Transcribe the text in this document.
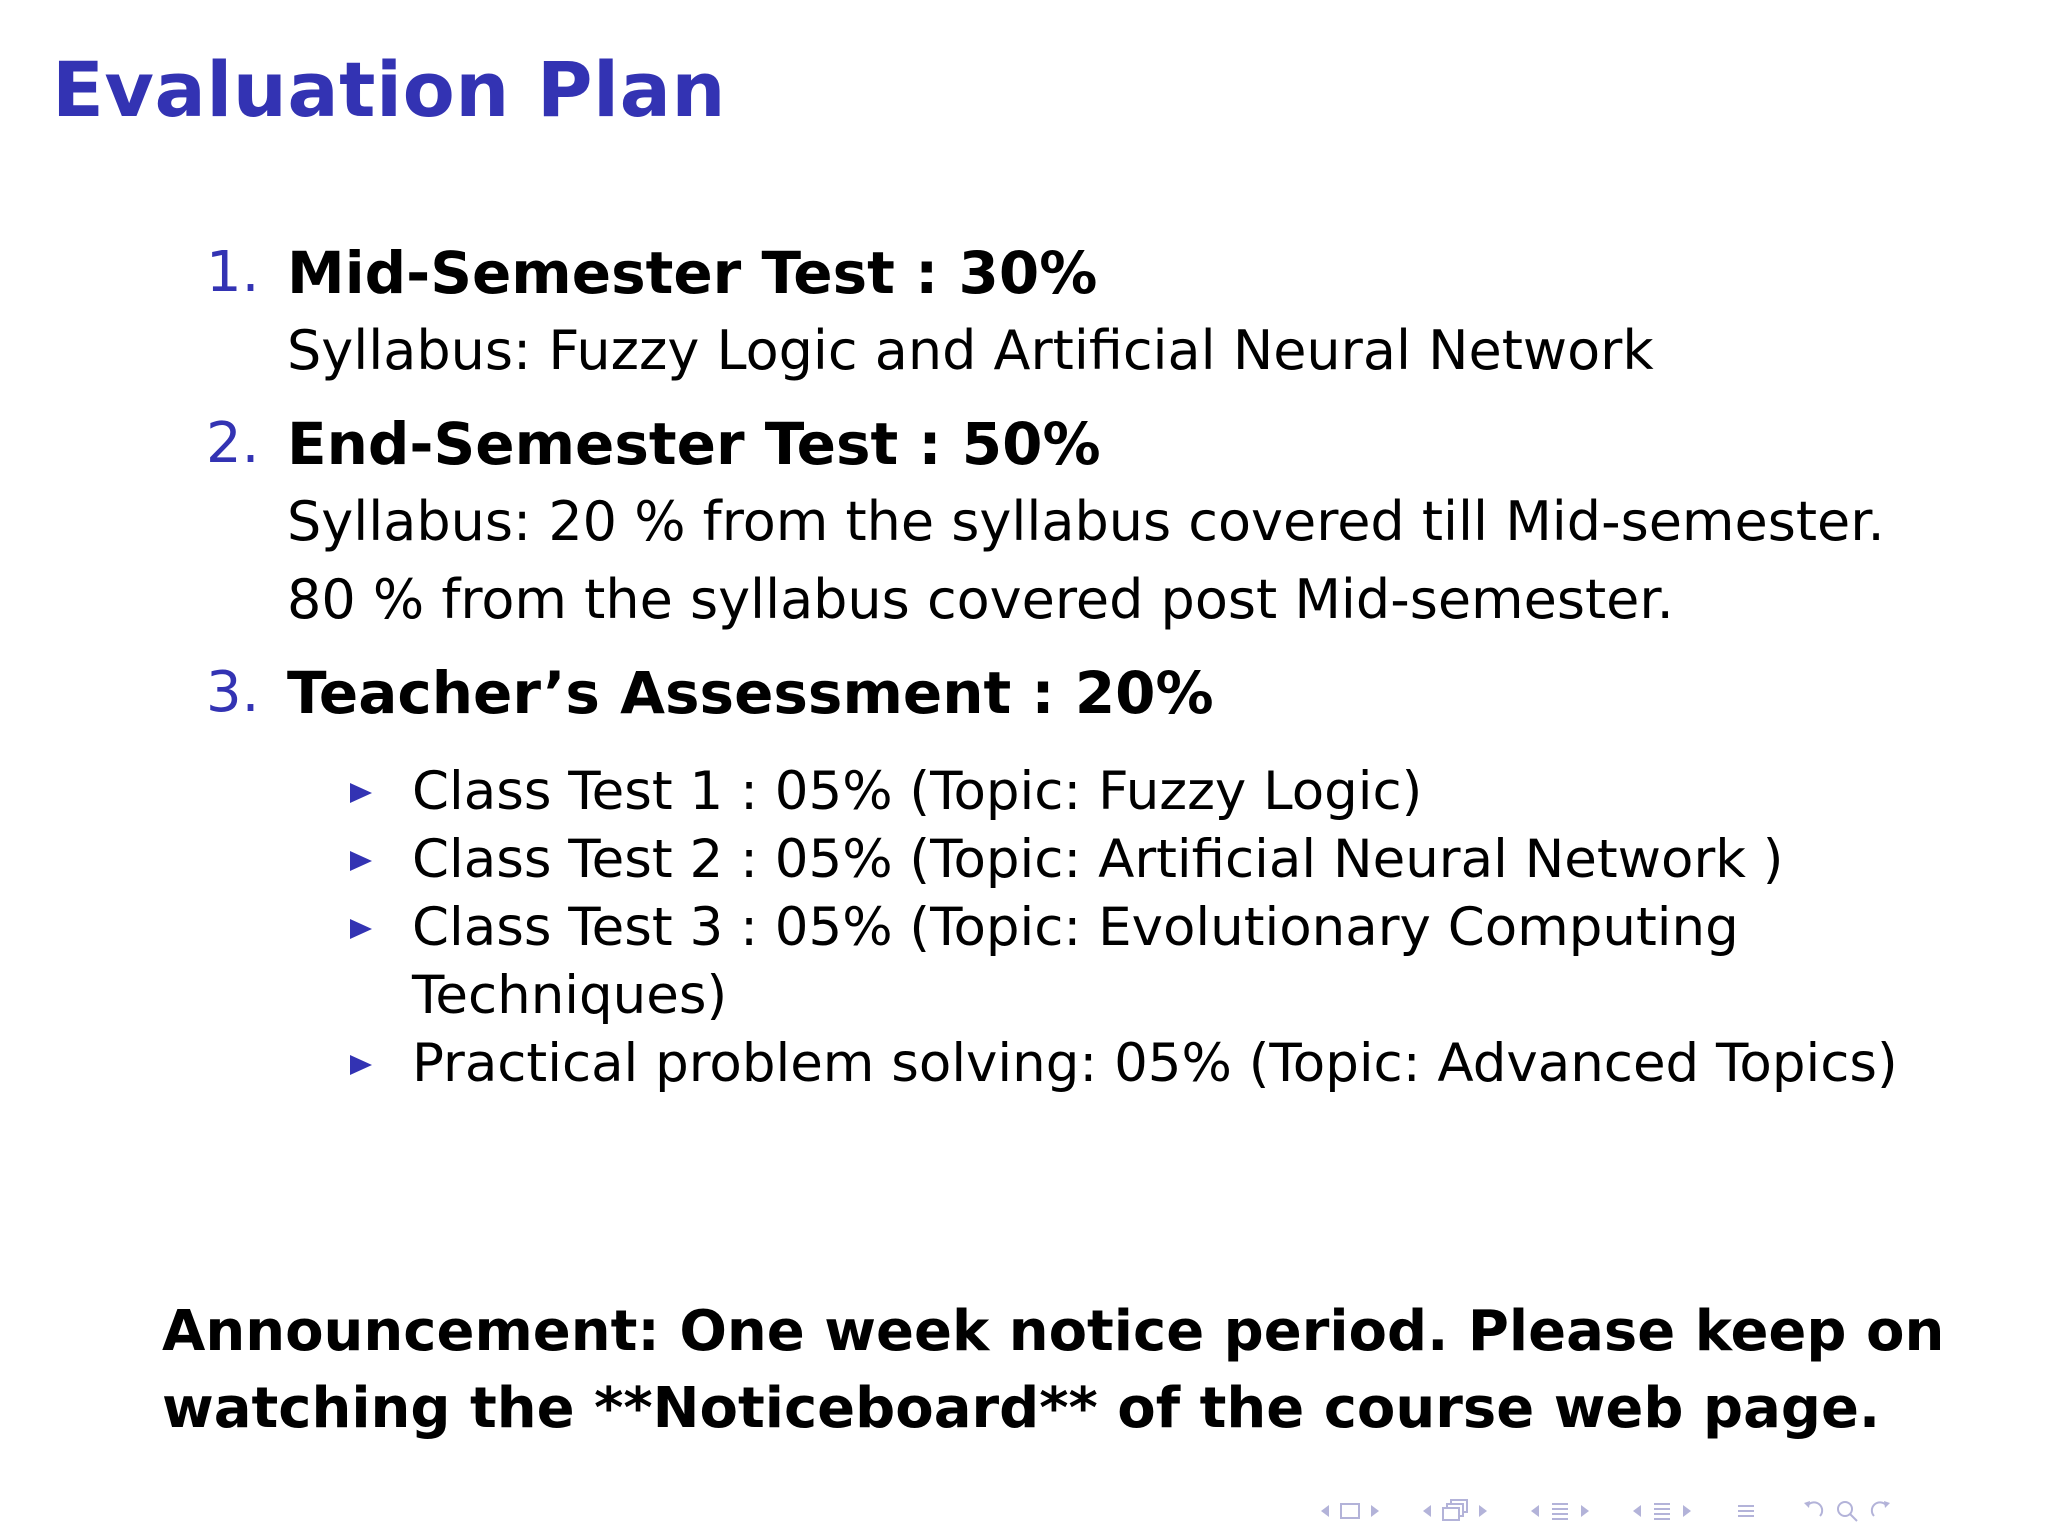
Evaluation Plan
1. Mid-Semester Test : 30%
Syllabus: Fuzzy Logic and Artificial Neural Network
2. End-Semester Test : 50%
Syllabus: 20 % from the syllabus covered till Mid-semester.
80 % from the syllabus covered post Mid-semester.
3. Teacher’s Assessment : 20%
Class Test 1 : 05% (Topic: Fuzzy Logic)
Class Test 2 : 05% (Topic: Artificial Neural Network )
Class Test 3 : 05% (Topic: Evolutionary Computing
Techniques)
Practical problem solving: 05% (Topic: Advanced Topics)

Announcement: One week notice period. Please keep on
watching the **Noticeboard** of the course web page.
